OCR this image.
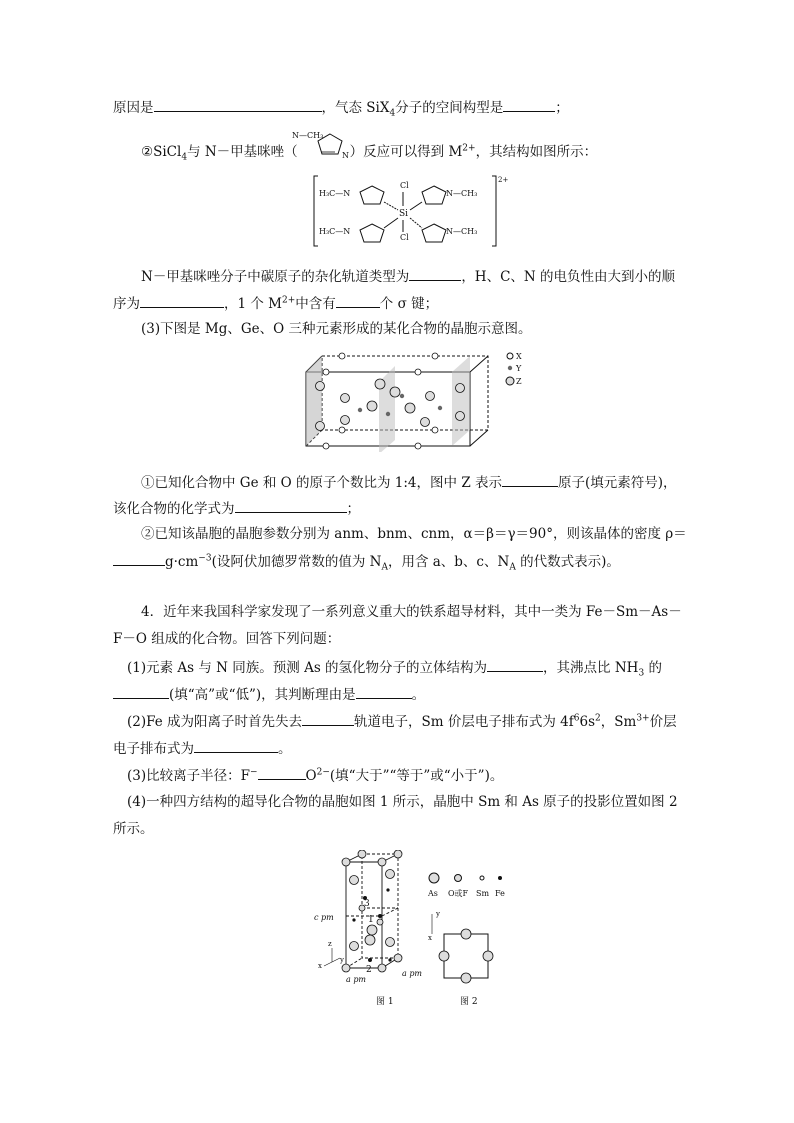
原因是	，气态 SiX$_4$分子的空间构型是	；
②SiCl$_4$与 N－甲基咪唑（	）反应可以得到 $M^{2+}$，其结构如图所示：
N—CH₃
N
2+
H₃C—N
H₃C—N
Cl
Si
Cl
N—CH₃
N—CH₃
N－甲基咪唑分子中碳原子的杂化轨道类型为	，H、C、N 的电负性由大到小的顺
序为	，1 个 $M^{2+}$中含有	个 σ 键；
(3)下图是 Mg、Ge、O 三种元素形成的某化合物的晶胞示意图。
X
Y
Z
①已知化合物中 Ge 和 O 的原子个数比为 1:4，图中 Z 表示	原子(填元素符号)，
该化合物的化学式为	；
②已知该晶胞的晶胞参数分别为 anm、bnm、cnm，α＝β＝γ＝90°，则该晶体的密度 ρ＝
$g\cdot cm^{-3}$(设阿伏加德罗常数的值为 $N_A$，用含 a、b、c、$N_A$ 的代数式表示)。
4．近年来我国科学家发现了一系列意义重大的铁系超导材料，其中一类为 Fe－Sm－As－
F－O 组成的化合物。回答下列问题：
(1)元素 As 与 N 同族。预测 As 的氢化物分子的立体结构为	，其沸点比 $NH_3$ 的
(填“高”或“低”)，其判断理由是	。
(2)Fe 成为阳离子时首先失去	轨道电子，Sm 价层电子排布式为 $4f^66s^2$，$Sm^{3+}$价层
电子排布式为	。
(3)比较离子半径：F−	$O^{2-}$(填“大于”“等于”或“小于”)。
(4)一种四方结构的超导化合物的晶胞如图 1 所示，晶胞中 Sm 和 As 原子的投影位置如图 2
所示。
3
1
2
c pm
a pm
a pm
z
x
y
图 1
As O或F Sm Fe
y
x
图 2
